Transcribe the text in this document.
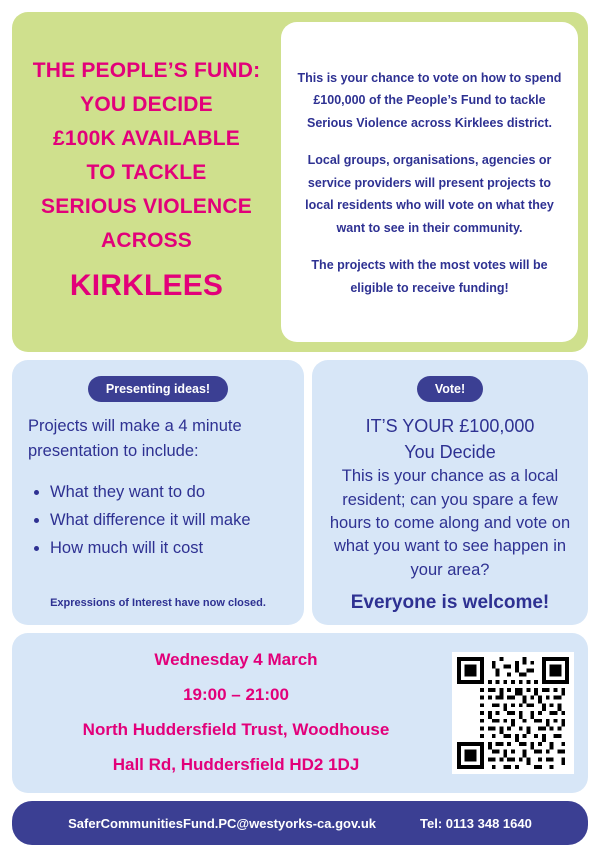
THE PEOPLE’S FUND:
YOU DECIDE
£100K AVAILABLE
TO TACKLE
SERIOUS VIOLENCE
ACROSS
KIRKLEES

This is your chance to vote on how to spend £100,000 of the People’s Fund to tackle Serious Violence across Kirklees district.

Local groups, organisations, agencies or service providers will present projects to local residents who will vote on what they want to see in their community.

The projects with the most votes will be eligible to receive funding!

Presenting ideas!
Projects will make a 4 minute presentation to include:
• What they want to do
• What difference it will make
• How much will it cost
Expressions of Interest have now closed.
Vote!
IT’S YOUR £100,000
You Decide
This is your chance as a local resident; can you spare a few hours to come along and vote on what you want to see happen in your area?
Everyone is welcome!
Wednesday 4 March
19:00 – 21:00
North Huddersfield Trust, Woodhouse
Hall Rd, Huddersfield HD2 1DJ
SaferCommunitiesFund.PC@westyorks-ca.gov.uk	Tel: 0113 348 1640
